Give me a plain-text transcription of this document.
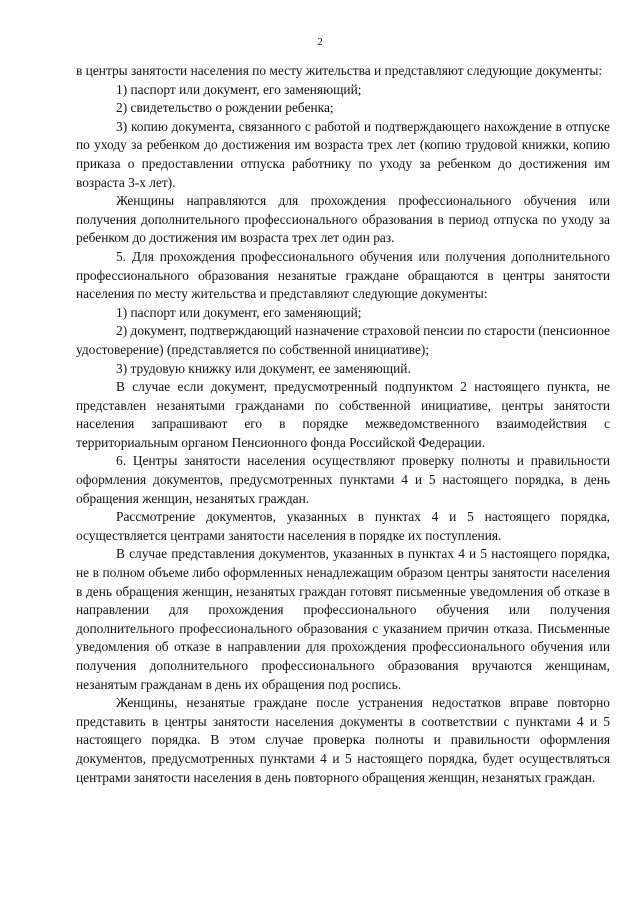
2

в центры занятости населения по месту жительства и представляют следующие документы:

1) паспорт или документ, его заменяющий;

2) свидетельство о рождении ребенка;

3) копию документа, связанного с работой и подтверждающего нахождение в отпуске по уходу за ребенком до достижения им возраста трех лет (копию трудовой книжки, копию приказа о предоставлении отпуска работнику по уходу за ребенком до достижения им возраста 3-х лет).

Женщины направляются для прохождения профессионального обучения или получения дополнительного профессионального образования в период отпуска по уходу за ребенком до достижения им возраста трех лет один раз.

5. Для прохождения профессионального обучения или получения дополнительного профессионального образования незанятые граждане обращаются в центры занятости населения по месту жительства и представляют следующие документы:

1) паспорт или документ, его заменяющий;

2) документ, подтверждающий назначение страховой пенсии по старости (пенсионное удостоверение) (представляется по собственной инициативе);

3) трудовую книжку или документ, ее заменяющий.

В случае если документ, предусмотренный подпунктом 2 настоящего пункта, не представлен незанятыми гражданами по собственной инициативе, центры занятости населения запрашивают его в порядке межведомственного взаимодействия с территориальным органом Пенсионного фонда Российской Федерации.

6. Центры занятости населения осуществляют проверку полноты и правильности оформления документов, предусмотренных пунктами 4 и 5 настоящего порядка, в день обращения женщин, незанятых граждан.

Рассмотрение документов, указанных в пунктах 4 и 5 настоящего порядка, осуществляется центрами занятости населения в порядке их поступления.

В случае представления документов, указанных в пунктах 4 и 5 настоящего порядка, не в полном объеме либо оформленных ненадлежащим образом центры занятости населения в день обращения женщин, незанятых граждан готовят письменные уведомления об отказе в направлении для прохождения профессионального обучения или получения дополнительного профессионального образования с указанием причин отказа. Письменные уведомления об отказе в направлении для прохождения профессионального обучения или получения дополнительного профессионального образования вручаются женщинам, незанятым гражданам в день их обращения под роспись.

Женщины, незанятые граждане после устранения недостатков вправе повторно представить в центры занятости населения документы в соответствии с пунктами 4 и 5 настоящего порядка. В этом случае проверка полноты и правильности оформления документов, предусмотренных пунктами 4 и 5 настоящего порядка, будет осуществляться центрами занятости населения в день повторного обращения женщин, незанятых граждан.
